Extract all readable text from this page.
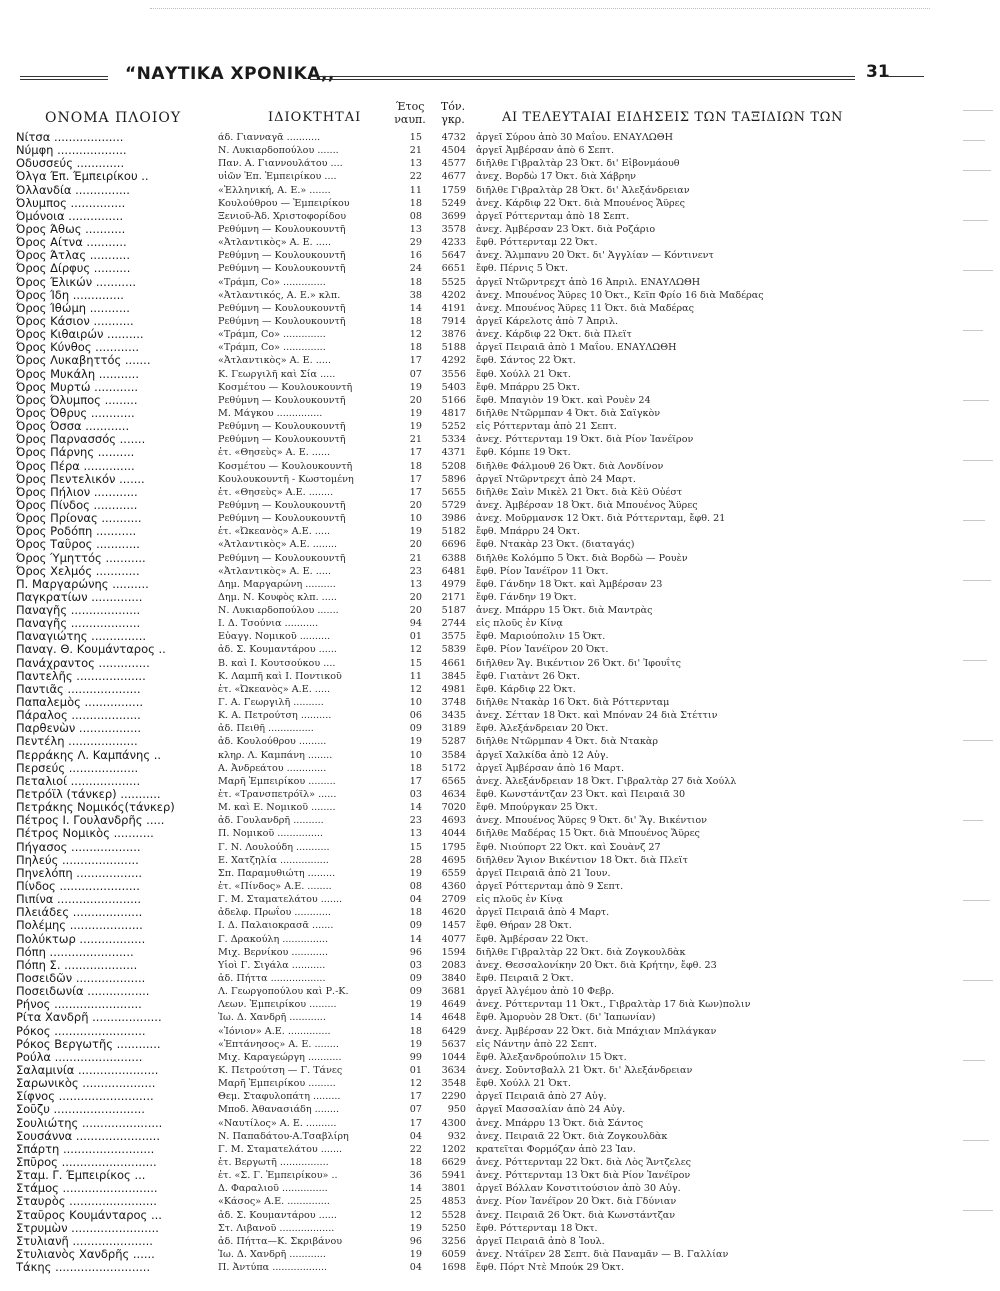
“ΝΑΥΤΙΚΑ ΧΡΟΝΙΚΑ,,	31
ΟΝΟΜΑ ΠΛΟΙΟΥ	ΙΔΙΟΚΤΗΤΑΙ
Έτος ναυπ.
Τόν. γκρ.	ΑΙ ΤΕΛΕΥΤΑΙΑΙ ΕΙΔΗΣΕΙΣ ΤΩΝ ΤΑΞΙΔΙΩΝ ΤΩΝ
Νίτσα ...................	άδ. Γιανναγᾶ ...........	15	4732 ἀργεῖ Σύρου ἀπὸ 30 Μαΐου. ΕΝΑΥΛΩΘΗ
Νύμφη ...................	Ν. Λυκιαρδοπούλου .......	21	4504 ἀργεῖ Ἀμβέρσαν ἀπὸ 6 Σεπτ.
Οδυσσεύς .............	Παν. Α. Γιαννουλάτου ....	13	4577 διῆλθε Γιβραλτὰρ 23 Ὀκτ. δι' Εἰβονμάουθ
Όλγα Έπ. Έμπειρίκου ..	υἱῶν Ἐπ. Ἐμπειρίκου ....	22	4677 ἀνεχ. Βορδὼ 17 Ὀκτ. διὰ Χάβρην
Όλλανδία ...............	«Ἑλληνική, Α. Ε.» .......	11	1759 διῆλθε Γιβραλτὰρ 28 Ὀκτ. δι' Ἀλεξάνδρειαν
Όλυμπος ...............	Κουλούθρου — Ἐμπειρίκου	18	5249 ἀνεχ. Κάρδιφ 22 Ὀκτ. διὰ Μπουένος Ἄϋρες
Όμόνοια ...............	Ξενιοῦ-Ἀδ. Χριστοφορίδου	08	3699 ἀργεῖ Ρόττερνταμ ἀπὸ 18 Σεπτ.
Όρος Άθως ...........	Ρεθύμνη — Κουλουκουντῆ	13	3578 ἀνεχ. Ἀμβέρσαν 23 Ὀκτ. διὰ Ροζάριο
Όρος Αίτνα ...........	«Ἀτλαντικὸς» Α. Ε. .....	29	4233 ἔφθ. Ρόττερνταμ 22 Ὀκτ.
Όρος Άτλας ...........	Ρεθύμνη — Κουλουκουντῆ	16	5647 ἀνεχ. Ἄλμπανυ 20 Ὀκτ. δι' Ἀγγλίαν — Κόντινεντ
Όρος Δίρφυς ..........	Ρεθύμνη — Κουλουκουντῆ	24	6651 ἔφθ. Πέρνις 5 Ὀκτ.
Όρος Έλικών ...........	«Τράμπ, Co» ..............	18	5525 ἀργεῖ Ντῶρντρεχτ ἀπὸ 16 Ἀπριλ. ΕΝΑΥΛΩΘΗ
Όρος Ίδη ..............	«Ἀτλαντικός, Α. Ε.» κλπ.	38	4202 ἀνεχ. Μπουένος Ἄϋρες 10 Ὀκτ., Κεϊπ Φρίο 16 διὰ Μαδέρας
Όρος Ίθώμη ...........	Ρεθύμνη — Κουλουκουντῆ	14	4191 ἀνεχ. Μπουένος Ἄϋρες 11 Ὀκτ. διὰ Μαδέρας
Όρος Κάσιον ...........	Ρεθύμνη — Κουλουκουντῆ	18	7914 ἀργεῖ Κάρελοτς ἀπὸ 7 Ἀπριλ.
Όρος Κιθαιρών ..........	«Τράμπ, Co» ..............	12	3876 ἀνεχ. Κάρδιφ 22 Ὀκτ. διὰ Πλεϊτ
Όρος Κύνθος ............	«Τράμπ, Co» ..............	18	5188 ἀργεῖ Πειραιᾶ ἀπὸ 1 Μαΐου. ΕΝΑΥΛΩΘΗ
Όρος Λυκαβηττός .......	«Ἀτλαντικὸς» Α. Ε. .....	17	4292 ἔφθ. Σάντος 22 Ὀκτ.
Όρος Μυκάλη ...........	Κ. Γεωργιλῆ καὶ Σία .....	07	3556 ἔφθ. Χούλλ 21 Ὀκτ.
Όρος Μυρτώ ............	Κοσμέτου — Κουλουκουντῆ	19	5403 ἔφθ. Μπάρρυ 25 Ὀκτ.
Όρος Όλυμπος .........	Ρεθύμνη — Κουλουκουντῆ	20	5166 ἔφθ. Μπαγιὸν 19 Ὀκτ. καὶ Ρουὲν 24
Όρος Όθρυς ............	Μ. Μάγκου ...............	19	4817 διῆλθε Ντῶρμπαν 4 Ὀκτ. διὰ Σαϊγκὸν
Όρος Όσσα ............	Ρεθύμνη — Κουλουκουντῆ	19	5252 εἰς Ρόττερνταμ ἀπὸ 21 Σεπτ.
Όρος Παρνασσός .......	Ρεθύμνη — Κουλουκουντῆ	21	5334 ἀνεχ. Ρόττερνταμ 19 Ὀκτ. διὰ Ρίον Ἰανέϊρον
Όρος Πάρνης ..........	ἑτ. «Θησεὺς» Α. Ε. ......	17	4371 ἔφθ. Κόμπε 19 Ὀκτ.
Όρος Πέρα ..............	Κοσμέτου — Κουλουκουντῆ	18	5208 διῆλθε Φάλμουθ 26 Ὀκτ. διὰ Λονδίνον
Όρος Πεντελικόν .......	Κουλουκουντῆ - Κωστομένη	17	5896 ἀργεῖ Ντῶρντρεχτ ἀπὸ 24 Μαρτ.
Όρος Πήλιον ............	ἑτ. «Θησεὺς» Α.Ε. ........	17	5655 διῆλθε Σαὶν Μικὲλ 21 Ὀκτ. διὰ Κὲϋ Οὐέστ
Όρος Πίνδος ............	Ρεθύμνη — Κουλουκουντῆ	20	5729 ἀνεχ. Ἀμβέρσαν 18 Ὀκτ. διὰ Μπουένος Ἄϋρες
Όρος Πρίονας ...........	Ρεθύμνη — Κουλουκουντῆ	10	3986 ἀνεχ. Μοῦρμανσκ 12 Ὀκτ. διὰ Ρόττερνταμ, ἔφθ. 21
Όρος Ροδόπη ...........	ἑτ. «Ὠκεανὸς» Α.Ε. .....	19	5182 ἔφθ. Μπάρρυ 24 Ὀκτ.
Όρος Ταΰρος ............	«Ἀτλαντικὸς» Α.Ε. ........	20	6696 ἔφθ. Ντακὰρ 23 Ὀκτ. (διαταγάς)
Όρος Ύμηττός ...........	Ρεθύμνη — Κουλουκουντῆ	21	6388 διῆλθε Κολόμπο 5 Ὀκτ. διὰ Βορδὼ — Ρουὲν
Όρος Χελμός ............	«Ἀτλαντικὸς» Α. Ε. .....	23	6481 ἔφθ. Ρίον Ἰανέϊρον 11 Ὀκτ.
Π. Μαργαρώνης ..........	Δημ. Μαργαρώνη ..........	13	4979 ἔφθ. Γάνδην 18 Ὀκτ. καὶ Ἀμβέρσαν 23
Παγκρατίων ..............	Δημ. Ν. Κουφὸς κλπ. .....	20	2171 ἔφθ. Γάνδην 19 Ὀκτ.
Παναγῆς ...................	Ν. Λυκιαρδοπούλου .......	20	5187 ἀνεχ. Μπάρρυ 15 Ὀκτ. διὰ Μαντρὰς
Παναγῆς ...................	Ι. Δ. Τσούνια ...........	94	2744 εἰς πλοῦς ἐν Κίνᾳ
Παναγιώτης ...............	Εὐαγγ. Νομικοῦ ..........	01	3575 ἔφθ. Μαριούπολιν 15 Ὀκτ.
Παναγ. Θ. Κουμάνταρος ..	ἀδ. Σ. Κουμαντάρου ......	12	5839 ἔφθ. Ρίον Ἰανέϊρον 20 Ὀκτ.
Πανάχραντος ..............	Β. καὶ Ι. Κουτσούκου ....	15	4661 διῆλθεν Ἅγ. Βικέντιον 26 Ὀκτ. δι' Ἰφουΐτς
Παντελῆς ...................	Κ. Λαμπῆ καὶ Ι. Ποντικοῦ	11	3845 ἔφθ. Γιατὰντ 26 Ὀκτ.
Παντιᾶς ....................	ἑτ. «Ὠκεανὸς» Α.Ε. .....	12	4981 ἔφθ. Κάρδιφ 22 Ὀκτ.
Παπαλεμὸς ................	Γ. Α. Γεωργιλῆ ..........	10	3748 διῆλθε Ντακὰρ 16 Ὀκτ. διὰ Ρόττερνταμ
Πάραλος ...................	Κ. Α. Πετρούτση ..........	06	3435 ἀνεχ. Σέτταν 18 Ὀκτ. καὶ Μπόναν 24 διὰ Στέττιν
Παρθενὼν .................	ἀδ. Πειθῆ ...............	09	3189 ἔφθ. Ἀλεξάνδρειαν 20 Ὀκτ.
Πεντέλη ...................	ἀδ. Κουλούθρου .........	19	5287 διῆλθε Ντῶρμπαν 4 Ὀκτ. διὰ Ντακὰρ
Περράκης Λ. Καμπάνης ..	κληρ. Λ. Καμπάνη ........	10	3584 ἀργεῖ Χαλκίδα ἀπὸ 12 Αὐγ.
Περσεύς ...................	Α. Ἀνδρεάτου .............	18	5172 ἀργεῖ Ἀμβέρσαν ἀπὸ 16 Μαρτ.
Πεταλιοί ...................	Μαρῆ Ἐμπειρίκου .........	17	6565 ἀνεχ. Ἀλεξάνδρειαν 18 Ὀκτ. Γιβραλτὰρ 27 διὰ Χούλλ
Πετρόϊλ (τάνκερ) ...........	ἑτ. «Τρανσπετρόϊλ» ......	03	4634 ἔφθ. Κωνστάντζαν 23 Ὀκτ. καὶ Πειραιᾶ 30
Πετράκης Νομικός(τάνκερ)	Μ. καὶ Ε. Νομικοῦ ........	14	7020 ἔφθ. Μπούργκαν 25 Ὀκτ.
Πέτρος Ι. Γουλανδρῆς .....	ἀδ. Γουλανδρῆ ..........	23	4693 ἀνεχ. Μπουένος Ἄϋρες 9 Ὀκτ. δι' Ἅγ. Βικέντιον
Πέτρος Νομικὸς ...........	Π. Νομικοῦ ...............	13	4044 διῆλθε Μαδέρας 15 Ὀκτ. διὰ Μπουένος Ἄϋρες
Πήγασος ...................	Γ. Ν. Λουλούδη ...........	15	1795 ἔφθ. Νιούπορτ 22 Ὀκτ. καὶ Σουὰνζ 27
Πηλεύς .....................	Ε. Χατζηλία ................	28	4695 διῆλθεν Ἅγιον Βικέντιον 18 Ὀκτ. διὰ Πλεϊτ
Πηνελόπη ..................	Σπ. Παραμυθιώτη .........	19	6559 ἀργεῖ Πειραιᾶ ἀπὸ 21 Ἰουν.
Πίνδος ......................	ἑτ. «Πίνδος» Α.Ε. ........	08	4360 ἀργεῖ Ρόττερνταμ ἀπὸ 9 Σεπτ.
Πιπίνα .......................	Γ. Μ. Σταματελάτου .......	04	2709 εἰς πλοῦς ἐν Κίνᾳ
Πλειάδες ...................	ἀδελφ. Πρωΐου ............	18	4620 ἀργεῖ Πειραιᾶ ἀπὸ 4 Μαρτ.
Πολέμης ....................	Ι. Δ. Παλαιοκρασᾶ .......	09	1457 ἔφθ. Θήραν 28 Ὀκτ.
Πολύκτωρ ..................	Γ. Δρακούλη ...............	14	4077 ἔφθ. Ἀμβέρσαν 22 Ὀκτ.
Πόπη .......................	Μιχ. Βερνίκου ............	96	1594 διῆλθε Γιβραλτὰρ 22 Ὀκτ. διὰ Ζογκουλδὰκ
Πόπη Σ. ....................	Υἱοὶ Γ. Σιγάλα ...........	03	2083 ἀνεχ. Θεσσαλονίκην 20 Ὀκτ. διὰ Κρήτην, ἔφθ. 23
Ποσειδῶν ...................	ἀδ. Πήττα ..................	09	3840 ἔφθ. Πειραιᾶ 2 Ὀκτ.
Ποσειδωνία .................	Λ. Γεωργοπούλου καὶ Ρ.-Κ.	09	3681 ἀργεῖ Ἀλγέμου ἀπὸ 10 Φεβρ.
Ρήνος ........................	Λεων. Ἐμπειρίκου .........	19	4649 ἀνεχ. Ρόττερνταμ 11 Ὀκτ., Γιβραλτὰρ 17 διὰ Κων)πολιν
Ρίτα Χανδρῆ ...................	Ἰω. Δ. Χανδρῆ ............	14	4648 ἔφθ. Ἀμορυὸν 28 Ὀκτ. (δι' Ἰαπωνίαν)
Ρόκος .........................	«Ἰόνιον» Α.Ε. ..............	18	6429 ἀνεχ. Ἀμβέρσαν 22 Ὀκτ. διὰ Μπάχιαν Μπλάγκαν
Ρόκος Βεργωτῆς ............	«Ἐπτάνησος» Α. Ε. ........	19	5637 εἰς Νάντην ἀπὸ 22 Σεπτ.
Ρούλα ........................	Μιχ. Καραγεώργη ...........	99	1044 ἔφθ. Ἀλεξανδρούπολιν 15 Ὀκτ.
Σαλαμινία ......................	Κ. Πετρούτση — Γ. Τάνες	01	3634 ἀνεχ. Σοῦντσβαλλ 21 Ὀκτ. δι' Ἀλεξάνδρειαν
Σαρωνικὸς ....................	Μαρῆ Ἐμπειρίκου .........	12	3548 ἔφθ. Χούλλ 21 Ὀκτ.
Σίφνος ..........................	Θεμ. Σταφυλοπάτη .........	17	2290 ἀργεῖ Πειραιᾶ ἀπὸ 27 Αὐγ.
Σοῦζυ .........................	Μποδ. Ἀθανασιάδη ........	07	950 ἀργεῖ Μασσαλίαν ἀπὸ 24 Αὐγ.
Σουλιώτης ......................	«Ναυτίλος» Α. Ε. ..........	17	4300 ἀνεχ. Μπάρρυ 13 Ὀκτ. διὰ Σάντος
Σουσάννα .......................	Ν. Παπαδάτου-Α.Τσαβλίρη	04	932 ἀνεχ. Πειραιᾶ 22 Ὀκτ. διὰ Ζογκουλδὰκ
Σπάρτη .........................	Γ. Μ. Σταματελάτου .......	22	1202 κρατεῖται Φορμόζαν ἀπὸ 23 Ἰαν.
Σπῦρος ..........................	ἑτ. Βεργωτῆ ................	18	6629 ἀνεχ. Ρόττερνταμ 22 Ὀκτ. διὰ Λὸς Ἄντζελες
Σταμ. Γ. Έμπειρίκος ...	ἑτ. «Σ. Γ. Ἐμπειρίκου» ..	36	5941 ἀνεχ. Ρόττερνταμ 13 Ὀκτ διὰ Ρίον Ἰανέϊρον
Στάμος ..........................	Δ. Φαραλιοῦ ...............	14	3801 ἀργεῖ Βόλλαν Κονστιτούσιον ἀπὸ 30 Αὐγ.
Σταυρὸς ........................	«Κάσος» Α.Ε. ..............	25	4853 ἀνεχ. Ρίον Ἰανέϊρον 20 Ὀκτ. διὰ Γδύνιαν
Σταῦρος Κουμάνταρος ...	ἀδ. Σ. Κουμαντάρου ......	12	5528 ἀνεχ. Πειραιᾶ 26 Ὀκτ. διὰ Κωνστάντζαν
Στρυμὼν ........................	Στ. Λιβανοῦ ..................	19	5250 ἔφθ. Ρόττερνταμ 18 Ὀκτ.
Στυλιανῆ ......................	ἀδ. Πήττα—Κ. Σκριβάνου	96	3256 ἀργεῖ Πειραιᾶ ἀπὸ 8 Ἰουλ.
Στυλιανὸς Χανδρῆς ......	Ἰω. Δ. Χανδρῆ ............	19	6059 ἀνεχ. Ντάϊρεν 28 Σεπτ. διὰ Παναμᾶν — Β. Γαλλίαν
Τάκης ..........................	Π. Ἀντύπα ..................	04	1698 ἔφθ. Πόρτ Ντὲ Μπούκ 29 Ὀκτ.
